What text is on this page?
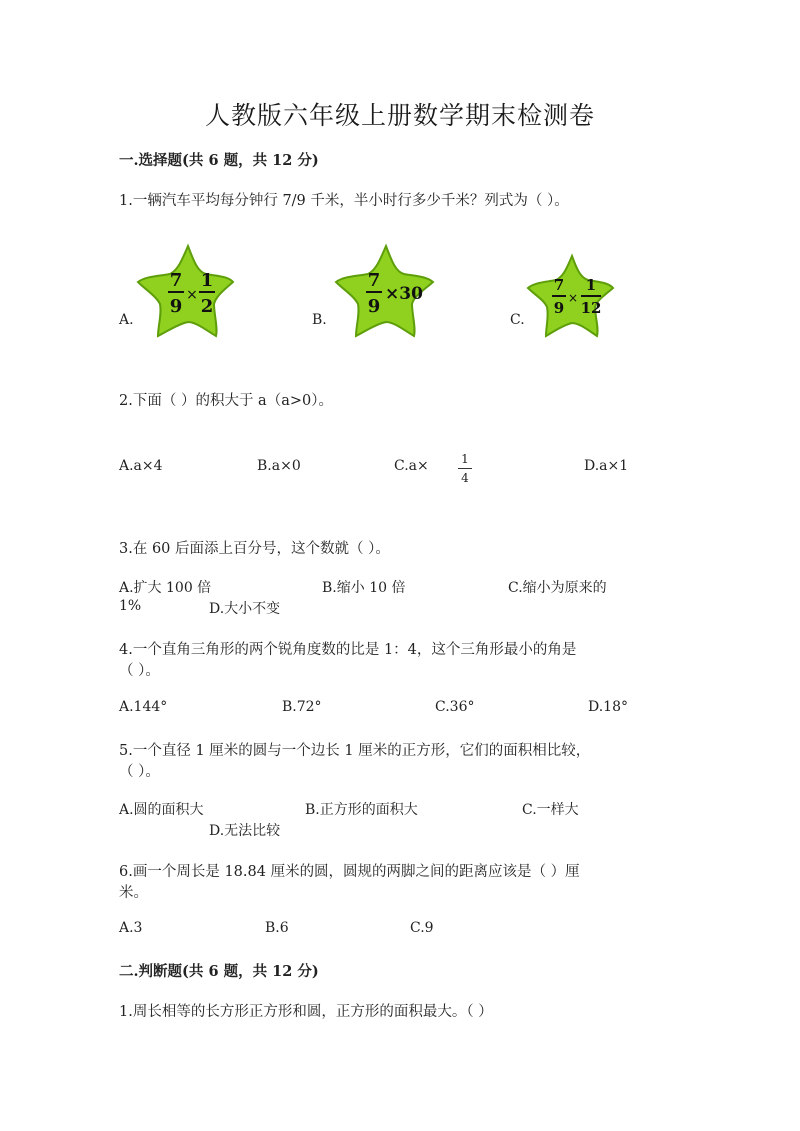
人教版六年级上册数学期末检测卷
一.选择题(共 6 题，共 12 分)
1.一辆汽车平均每分钟行 7/9 千米，半小时行多少千米？列式为（ ）。
A.	B.	C.
7
9
×
1
2
7
9
×30	7
9
×
1
12
2.下面（ ）的积大于 a（a>0）。
A.a×4	B.a×0	C.a×	1
4
D.a×1
3.在 60 后面添上百分号，这个数就（ ）。
A.扩大 100 倍	B.缩小 10 倍	C.缩小为原来的
1%	D.大小不变
4.一个直角三角形的两个锐角度数的比是 1：4，这个三角形最小的角是
（ ）。
A.144°	B.72°	C.36°	D.18°
5.一个直径 1 厘米的圆与一个边长 1 厘米的正方形，它们的面积相比较，
（ ）。
A.圆的面积大	B.正方形的面积大	C.一样大
D.无法比较
6.画一个周长是 18.84 厘米的圆，圆规的两脚之间的距离应该是（ ）厘
米。
A.3	B.6	C.9
二.判断题(共 6 题，共 12 分)
1.周长相等的长方形正方形和圆，正方形的面积最大。（ ）
